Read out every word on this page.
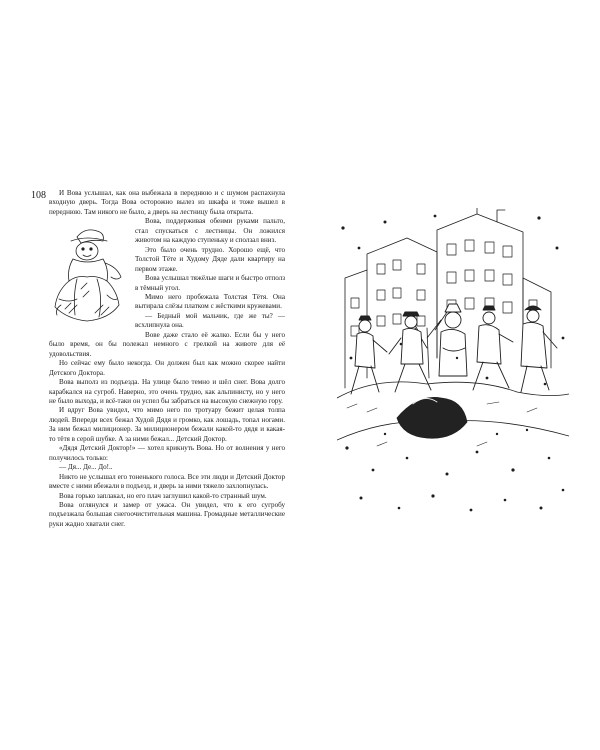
108	И Вова услышал, как она выбежала в переднюю и с шумом распахнула входную дверь. Тогда Вова осторожно вылез из шкафа и тоже вышел в переднюю. Там никого не было, а дверь на лестницу была открыта.

Вова, поддерживая обеими руками пальто, стал спускаться с лестницы. Он ложился животом на каждую ступеньку и сползал вниз.

Это было очень трудно. Хорошо ещё, что Толстой Тёте и Худому Дяде дали квартиру на первом этаже.

Вова услышал тяжёлые шаги и быстро отполз в тёмный угол.

Мимо него пробежала Толстая Тётя. Она вытирала слёзы платком с жёсткими кружевами.

— Бедный мой мальчик, где же ты? — всхлипнула она.

Вове даже стало её жалко. Если бы у него было время, он бы полежал немного с грелкой на животе для её удовольствия.

Но сейчас ему было некогда. Он должен был как можно скорее найти Детского Доктора.

Вова выполз из подъезда. На улице было темно и шёл снег. Вова долго карабкался на сугроб. Наверно, это очень трудно, как альпинисту, но у него не было выхода, и всё-таки он успел бы забраться на высокую снежную гору.

И вдруг Вова увидел, что мимо него по тротуару бежит целая толпа людей. Впереди всех бежал Худой Дядя и громко, как лошадь, топал ногами. За ним бежал милиционер. За милиционером бежали какой-то дядя и какая-то тётя в серой шубке. А за ними бежал... Детский Доктор.

«Дядя Детский Доктор!» — хотел крикнуть Вова. Но от волнения у него получилось только:

— Дя... Де... До!..

Никто не услышал его тоненького голоса. Все эти люди и Детский Доктор вместе с ними вбежали в подъезд, и дверь за ними тяжело захлопнулась.

Вова горько заплакал, но его плач заглушил какой-то странный шум.

Вова оглянулся и замер от ужаса. Он увидел, что к его сугробу подъезжала большая снегоочистительная машина. Громадные металлические руки жадно хватали снег.
